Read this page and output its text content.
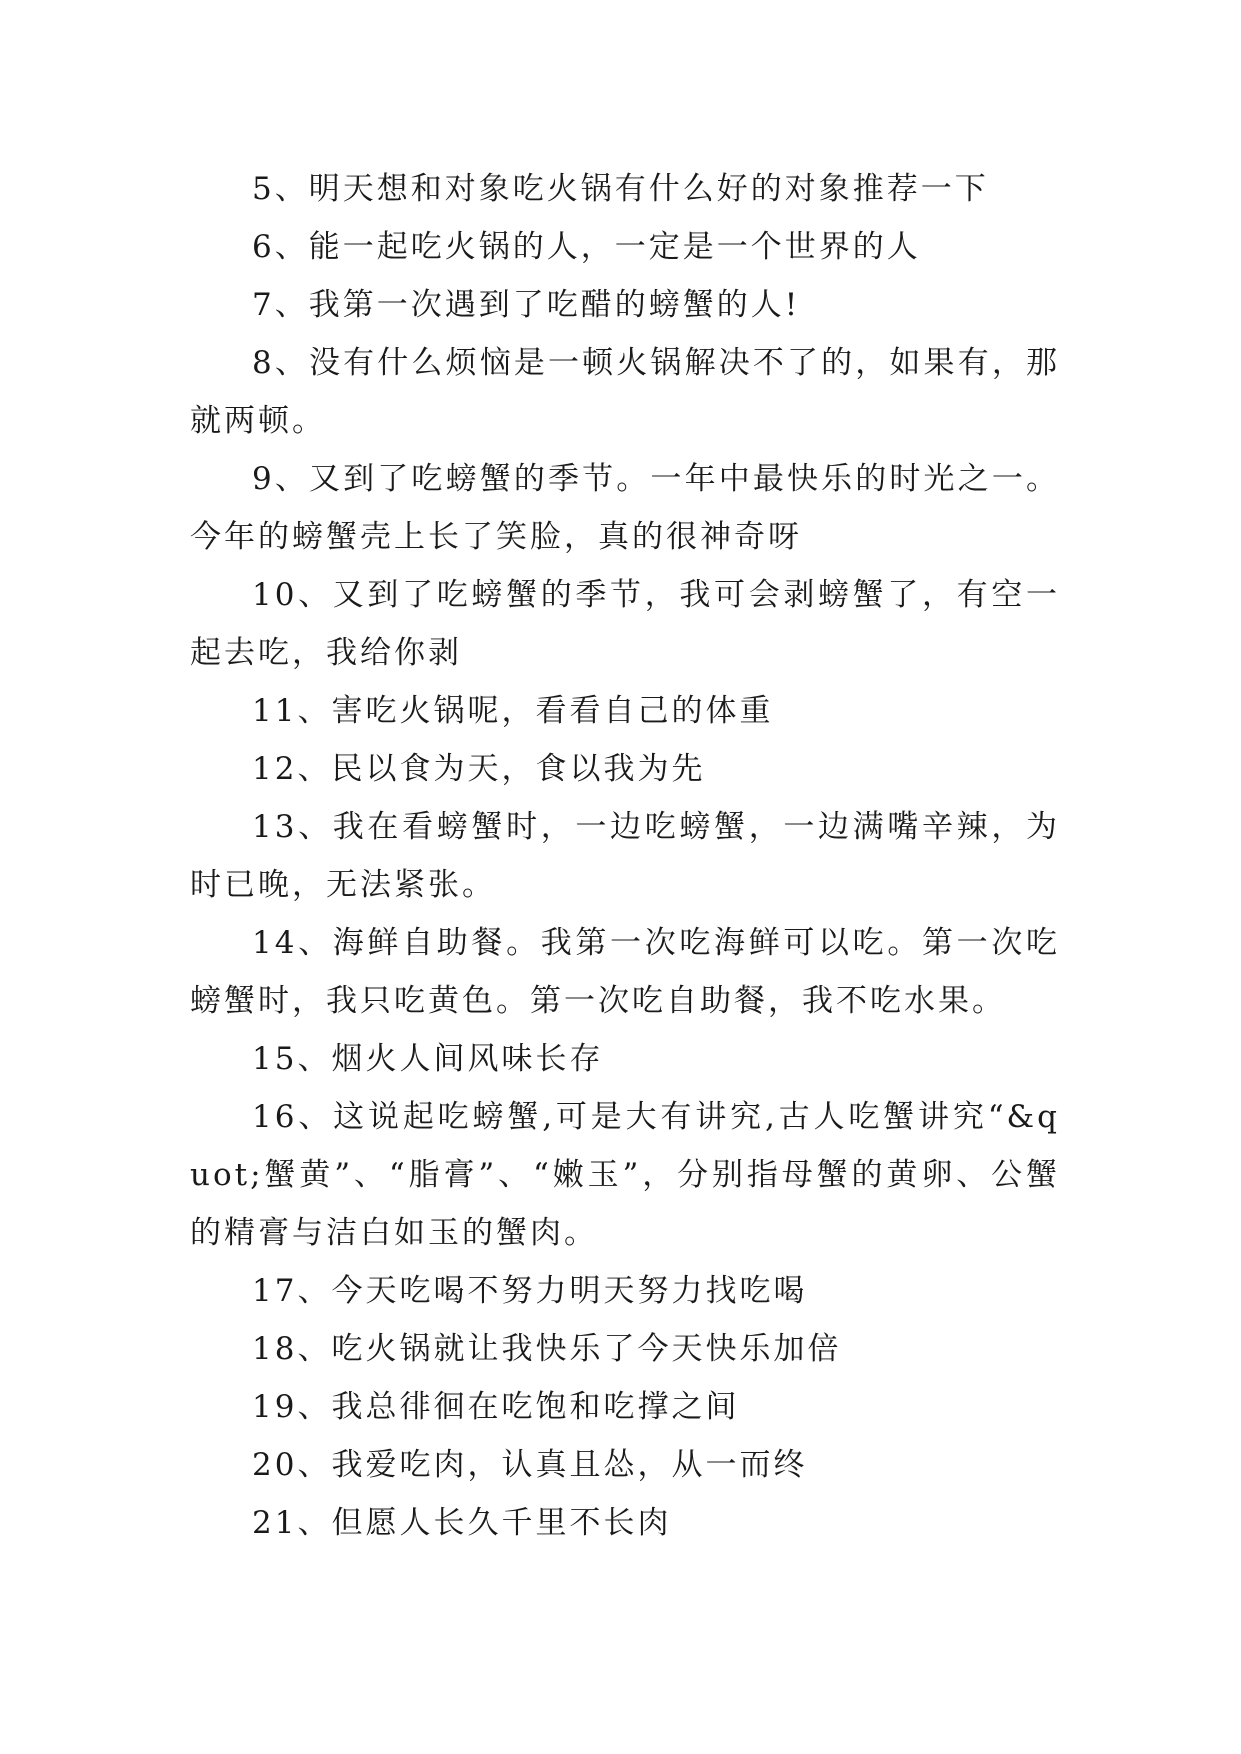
5、明天想和对象吃火锅有什么好的对象推荐一下

6、能一起吃火锅的人，一定是一个世界的人

7、我第一次遇到了吃醋的螃蟹的人!

8、没有什么烦恼是一顿火锅解决不了的，如果有，那就两顿。

9、又到了吃螃蟹的季节。一年中最快乐的时光之一。今年的螃蟹壳上长了笑脸，真的很神奇呀

10、又到了吃螃蟹的季节，我可会剥螃蟹了，有空一起去吃，我给你剥

11、害吃火锅呢，看看自己的体重

12、民以食为天，食以我为先

13、我在看螃蟹时，一边吃螃蟹，一边满嘴辛辣，为时已晚，无法紧张。

14、海鲜自助餐。我第一次吃海鲜可以吃。第一次吃螃蟹时，我只吃黄色。第一次吃自助餐，我不吃水果。

15、烟火人间风味长存

16、这说起吃螃蟹,可是大有讲究,古人吃蟹讲究“&quot;蟹黄”、“脂膏”、“嫩玉”，分别指母蟹的黄卵、公蟹的精膏与洁白如玉的蟹肉。

17、今天吃喝不努力明天努力找吃喝

18、吃火锅就让我快乐了今天快乐加倍

19、我总徘徊在吃饱和吃撑之间

20、我爱吃肉，认真且怂，从一而终

21、但愿人长久千里不长肉
